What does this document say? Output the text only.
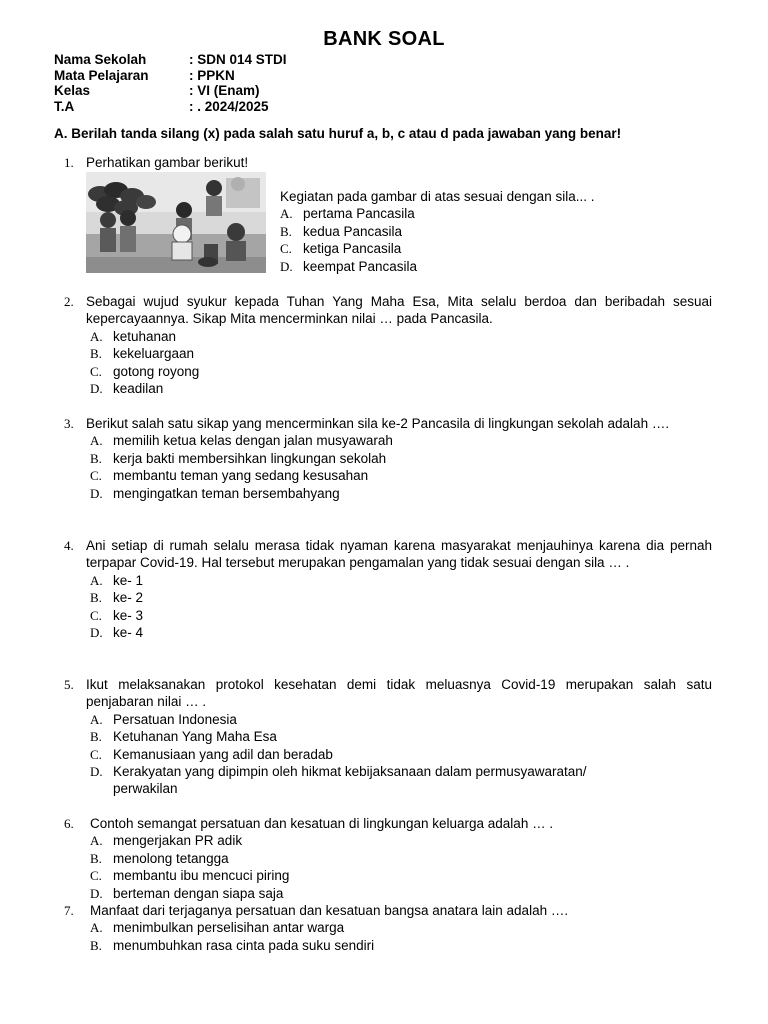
BANK SOAL
Nama Sekolah	: SDN 014 STDI
Mata Pelajaran	: PPKN
Kelas	: VI (Enam)
T.A	: . 2024/2025
A. Berilah tanda silang (x) pada salah satu huruf a, b, c atau d pada jawaban yang benar!
1. Perhatikan gambar berikut!
Kegiatan pada gambar di atas sesuai dengan sila... .
A. pertama Pancasila
B. kedua Pancasila
C. ketiga Pancasila
D. keempat Pancasila
2. Sebagai wujud syukur kepada Tuhan Yang Maha Esa, Mita selalu berdoa dan beribadah sesuai kepercayaannya. Sikap Mita mencerminkan nilai … pada Pancasila.
A. ketuhanan
B. kekeluargaan
C. gotong royong
D. keadilan
3. Berikut salah satu sikap yang mencerminkan sila ke-2 Pancasila di lingkungan sekolah adalah ….
A. memilih ketua kelas dengan jalan musyawarah
B. kerja bakti membersihkan lingkungan sekolah
C. membantu teman yang sedang kesusahan
D. mengingatkan teman bersembahyang
4. Ani setiap di rumah selalu merasa tidak nyaman karena masyarakat menjauhinya karena dia pernah terpapar Covid-19. Hal tersebut merupakan pengamalan yang tidak sesuai dengan sila … .
A. ke- 1
B. ke- 2
C. ke- 3
D. ke- 4
5. Ikut melaksanakan protokol kesehatan demi tidak meluasnya Covid-19 merupakan salah satu penjabaran nilai … .
A. Persatuan Indonesia
B. Ketuhanan Yang Maha Esa
C. Kemanusiaan yang adil dan beradab
D. Kerakyatan yang dipimpin oleh hikmat kebijaksanaan dalam permusyawaratan/ perwakilan
6. Contoh semangat persatuan dan kesatuan di lingkungan keluarga adalah … .
A. mengerjakan PR adik
B. menolong tetangga
C. membantu ibu mencuci piring
D. berteman dengan siapa saja
7. Manfaat dari terjaganya persatuan dan kesatuan bangsa anatara lain adalah ….
A. menimbulkan perselisihan antar warga
B. menumbuhkan rasa cinta pada suku sendiri
